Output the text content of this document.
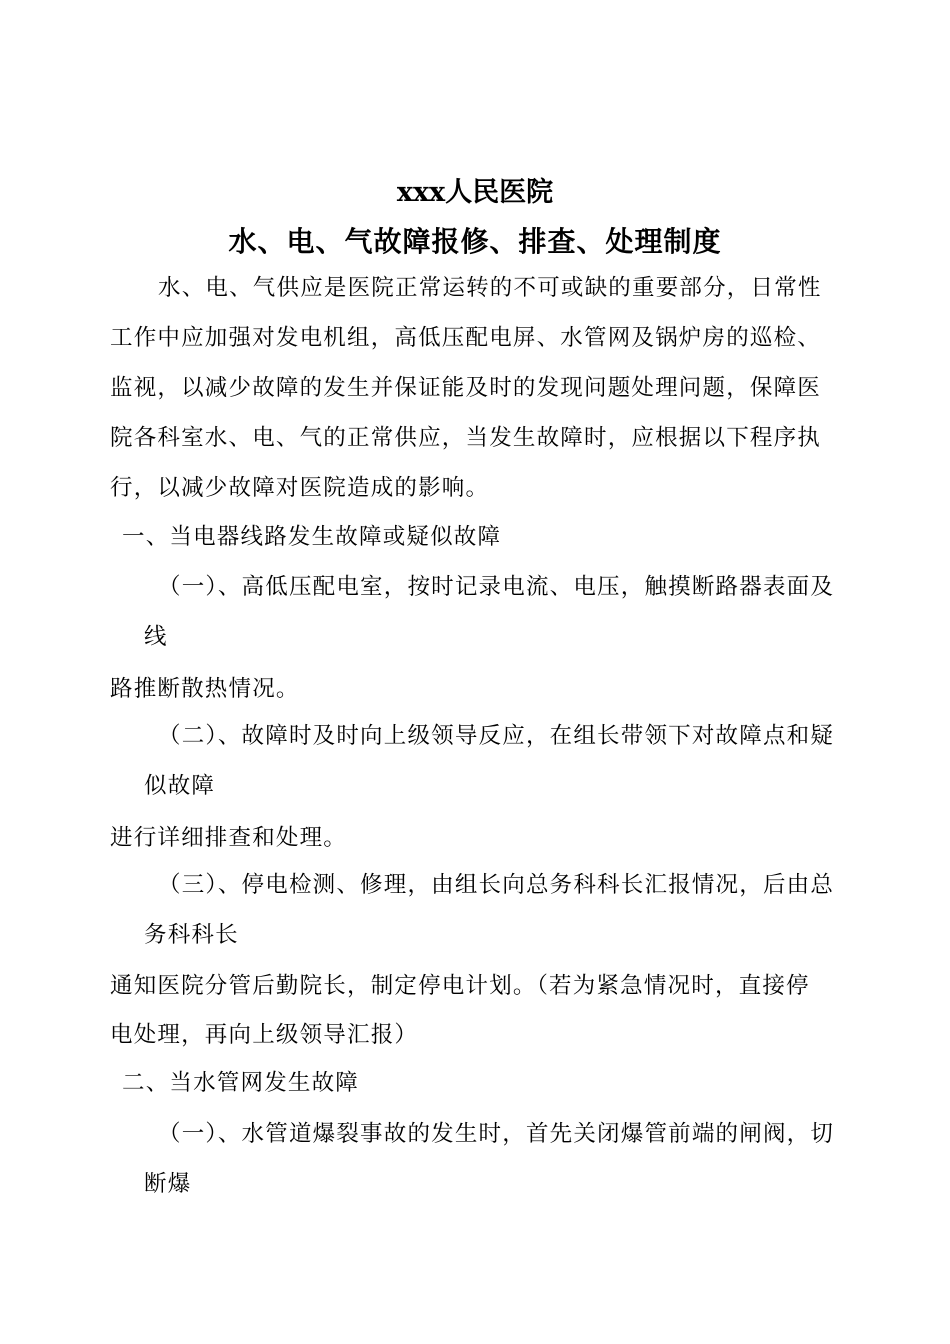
xxx人民医院
水、电、气故障报修、排查、处理制度
水、电、气供应是医院正常运转的不可或缺的重要部分，日常性
工作中应加强对发电机组，高低压配电屏、水管网及锅炉房的巡检、
监视，以减少故障的发生并保证能及时的发现问题处理问题，保障医
院各科室水、电、气的正常供应，当发生故障时，应根据以下程序执
行，以减少故障对医院造成的影响。
一、当电器线路发生故障或疑似故障
（一）、高低压配电室，按时记录电流、电压，触摸断路器表面及
线
路推断散热情况。
（二）、故障时及时向上级领导反应，在组长带领下对故障点和疑
似故障
进行详细排查和处理。
（三）、停电检测、修理，由组长向总务科科长汇报情况，后由总
务科科长
通知医院分管后勤院长，制定停电计划。（若为紧急情况时，直接停
电处理，再向上级领导汇报）
二、当水管网发生故障
（一）、水管道爆裂事故的发生时，首先关闭爆管前端的闸阀，切
断爆
